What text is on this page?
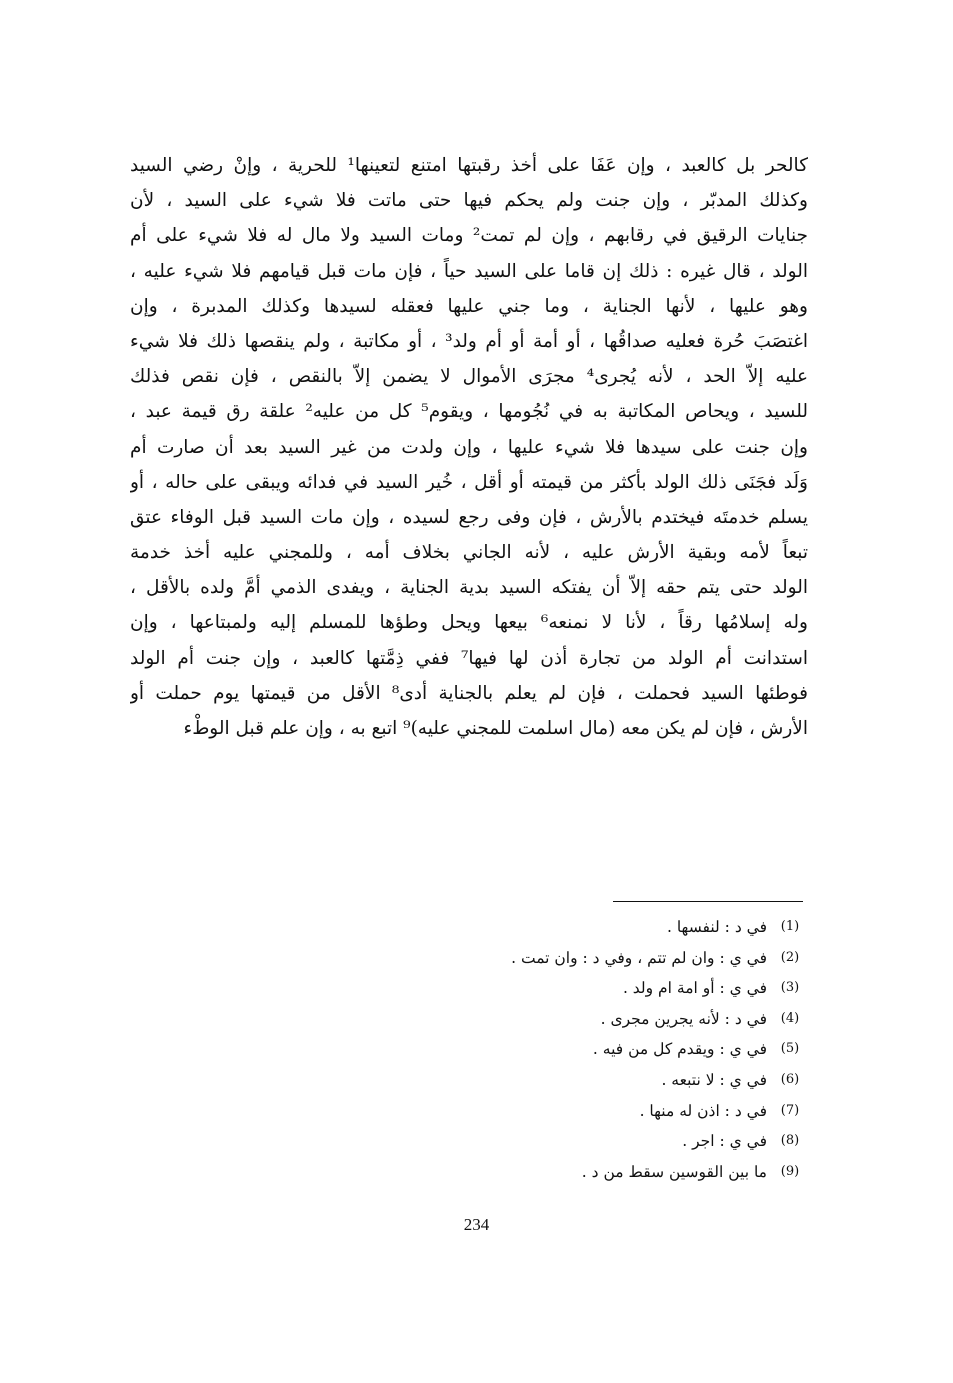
كالحر بل كالعبد ، وإن عَفَا على أخذ رقبتها امتنع لتعينها¹ للحرية ، وإنْ رضي السيد
وكذلك المدبّر ، وإن جنت ولم يحكم فيها حتى ماتت فلا شيء على السيد ، لأن
جنايات الرقيق في رقابهم ، وإن لم تمت² ومات السيد ولا مال له فلا شيء على أم
الولد ، قال غيره : ذلك إن قاما على السيد حياً ، فإن مات قبل قيامهم فلا شيء عليه ،
وهو عليها ، لأنها الجناية ، وما جني عليها فعقله لسيدها وكذلك المدبرة ، وإن
اغتصَبَ حُرة فعليه صداقُها ، أو أمة أو أم ولد³ ، أو مكاتبة ، ولم ينقصها ذلك فلا شيء
عليه إلاّ الحد ، لأنه يُجرى⁴ مجرَى الأموال لا يضمن إلاّ بالنقص ، فإن نقص فذلك
للسيد ، ويحاص المكاتبة به في نُجُومها ، ويقوم⁵ كل من عليه² علقة رق قيمة عبد ،
وإن جنت على سيدها فلا شيء عليها ، وإن ولدت من غير السيد بعد أن صارت أم
وَلَد فجَنَى ذلك الولد بأكثر من قيمته أو أقل ، خُير السيد في فدائه ويبقى على حاله ، أو
يسلم خدمتَه فيختدم بالأرش ، فإن وفى رجع لسيده ، وإن مات السيد قبل الوفاء عتق
تبعاً لأمه وبقية الأرش عليه ، لأنه الجاني بخلاف أمه ، وللمجني عليه أخذ خدمة
الولد حتى يتم حقه إلاّ أن يفتكه السيد بدية الجناية ، ويفدى الذمي أمَّ ولده بالأقل ،
وله إسلامُها رقاً ، لأنا لا نمنعه⁶ بيعها ويحل وطؤها للمسلم إليه ولمبتاعها ، وإن
استدانت أم الولد من تجارة أذن لها فيها⁷ ففي ذِمَّتها كالعبد ، وإن جنت أم الولد
فوطئها السيد فحملت ، فإن لم يعلم بالجناية أدى⁸ الأقل من قيمتها يوم حملت أو
الأرش ، فإن لم يكن معه (مال اسلمت للمجني عليه)⁹ اتبع به ، وإن علم قبل الوطْء
(1)
في د : لنفسها .
(2)
في ي : وان لم تتم ، وفي د : وان تمت .
(3)
في ي : أو امة ام ولد .
(4)
في د : لأنه يجرين مجرى .
(5)
في ي : ويقدم كل من فيه .
(6)
في ي : لا نتبعه .
(7)
في د : اذن له منها .
(8)
في ي : اجر .
(9)
ما بين القوسين سقط من د .
234
